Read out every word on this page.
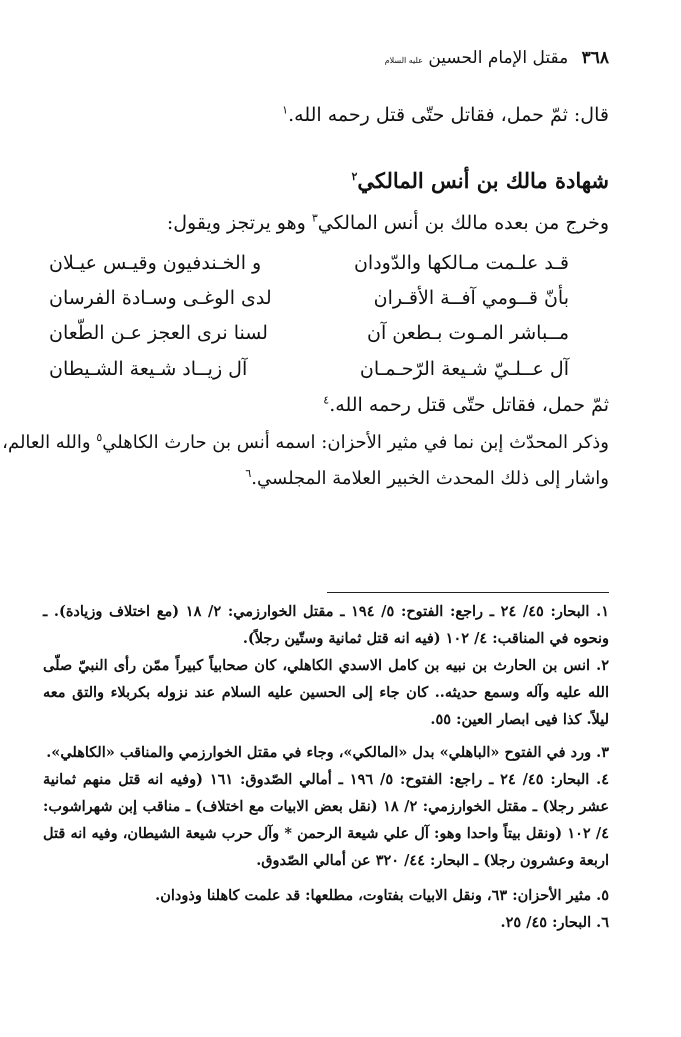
٣٦٨ مقتل الإمام الحسين عليه السلام
قال: ثمّ حمل، فقاتل حتّى قتل رحمه الله.$^١$
شهادة مالك بن أنس المالكي$^٢$
وخرج من بعده مالك بن أنس المالكي$^٣$ وهو يرتجز ويقول:
قـد علـمت مـالكها والدّودان
و الخـندفيون وقيـس عيـلان
بأنّ قــومي آفــة الأقـران
لدى الوغـى وسـادة الفرسان
مــباشر المـوت بـطعن آن
لسنا نرى العجز عـن الطّعان
آل عــلـيّ شـيعة الرّحـمـان
آل زيــاد شـيعة الشـيطان
ثمّ حمل، فقاتل حتّى قتل رحمه الله.$^٤$
وذكر المحدّث إبن نما في مثير الأحزان: اسمه أنس بن حارث الكاهلي$^٥$ والله العالم،
واشار إلى ذلك المحدث الخبير العلامة المجلسي.$^٦$
١. البحار: ٤٥/ ٢٤ ـ راجع: الفتوح: ٥/ ١٩٤ ـ مقتل الخوارزمي: ٢/ ١٨ (مع اختلاف وزيادة). ـ ونحوه في المناقب: ٤/ ١٠٢ (فيه انه قتل ثمانية وستّين رجلاً).
٢. انس بن الحارث بن نبيه بن كامل الاسدي الكاهلي، كان صحابياً كبيراً ممّن رأى النبيّ صلّى الله عليه وآله وسمع حديثه.. كان جاء إلى الحسين عليه السلام عند نزوله بكربلاء والتق معه ليلاً. كذا فيى ابصار العين: ٥٥.
٣. ورد في الفتوح «الباهلي» بدل «المالكي»، وجاء في مقتل الخوارزمي والمناقب «الكاهلي».
٤. البحار: ٤٥/ ٢٤ ـ راجع: الفتوح: ٥/ ١٩٦ ـ أمالي الصّدوق: ١٦١ (وفيه انه قتل منهم ثمانية عشر رجلا) ـ مقتل الخوارزمي: ٢/ ١٨ (نقل بعض الابيات مع اختلاف) ـ مناقب إبن شهراشوب: ٤/ ١٠٢ (ونقل بيتاً واحدا وهو: آل علي شيعة الرحمن * وآل حرب شيعة الشيطان، وفيه انه قتل اربعة وعشرون رجلا) ـ البحار: ٤٤/ ٣٢٠ عن أمالي الصّدوق.
٥. مثير الأحزان: ٦٣، ونقل الابيات بفتاوت، مطلعها: قد علمت كاهلنا وذودان.
٦. البحار: ٤٥/ ٢٥.
